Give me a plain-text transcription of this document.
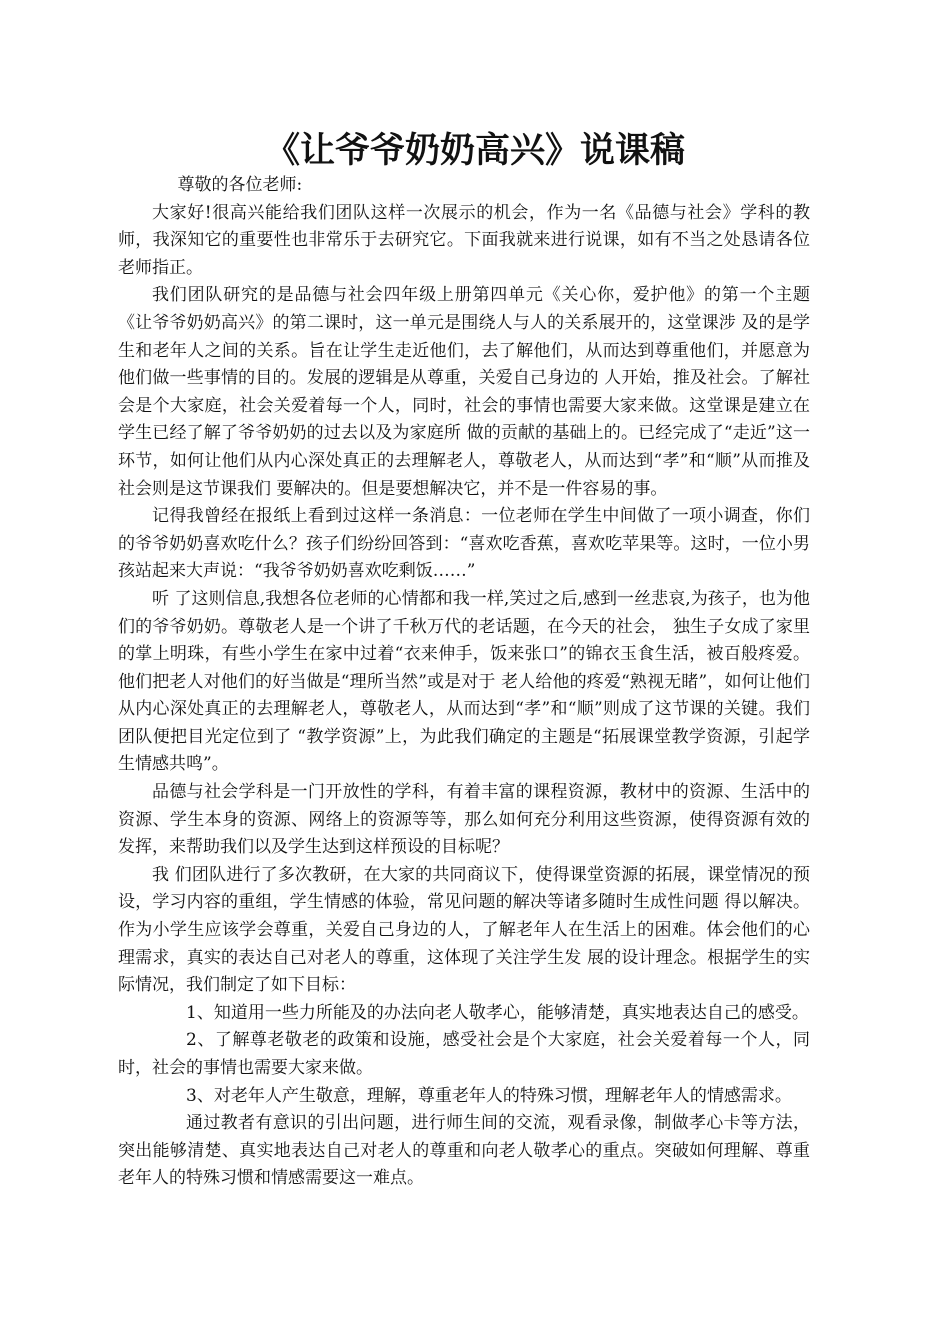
《让爷爷奶奶高兴》说课稿

尊敬的各位老师:

大家好!很高兴能给我们团队这样一次展示的机会，作为一名《品德与社会》学科的教师，我深知它的重要性也非常乐于去研究它。下面我就来进行说课，如有不当之处恳请各位老师指正。

我们团队研究的是品德与社会四年级上册第四单元《关心你，爱护他》的第一个主题《让爷爷奶奶高兴》的第二课时，这一单元是围绕人与人的关系展开的，这堂课涉 及的是学生和老年人之间的关系。旨在让学生走近他们，去了解他们，从而达到尊重他们，并愿意为他们做一些事情的目的。发展的逻辑是从尊重，关爱自己身边的 人开始，推及社会。了解社会是个大家庭，社会关爱着每一个人，同时，社会的事情也需要大家来做。这堂课是建立在学生已经了解了爷爷奶奶的过去以及为家庭所 做的贡献的基础上的。已经完成了“走近”这一环节，如何让他们从内心深处真正的去理解老人，尊敬老人，从而达到“孝”和“顺”从而推及社会则是这节课我们 要解决的。但是要想解决它，并不是一件容易的事。

记得我曾经在报纸上看到过这样一条消息：一位老师在学生中间做了一项小调查，你们的爷爷奶奶喜欢吃什么？孩子们纷纷回答到：“喜欢吃香蕉，喜欢吃苹果等。这时，一位小男孩站起来大声说：“我爷爷奶奶喜欢吃剩饭……”

听 了这则信息,我想各位老师的心情都和我一样,笑过之后,感到一丝悲哀,为孩子，也为他们的爷爷奶奶。尊敬老人是一个讲了千秋万代的老话题，在今天的社会， 独生子女成了家里的掌上明珠，有些小学生在家中过着“衣来伸手，饭来张口”的锦衣玉食生活，被百般疼爱。他们把老人对他们的好当做是“理所当然”或是对于 老人给他的疼爱“熟视无睹”，如何让他们从内心深处真正的去理解老人，尊敬老人，从而达到“孝”和“顺”则成了这节课的关键。我们团队便把目光定位到了 “教学资源”上，为此我们确定的主题是“拓展课堂教学资源，引起学生情感共鸣”。

品德与社会学科是一门开放性的学科，有着丰富的课程资源，教材中的资源、生活中的资源、学生本身的资源、网络上的资源等等，那么如何充分利用这些资源，使得资源有效的发挥，来帮助我们以及学生达到这样预设的目标呢？

我 们团队进行了多次教研，在大家的共同商议下，使得课堂资源的拓展，课堂情况的预设，学习内容的重组，学生情感的体验，常见问题的解决等诸多随时生成性问题 得以解决。作为小学生应该学会尊重，关爱自己身边的人，了解老年人在生活上的困难。体会他们的心理需求，真实的表达自己对老人的尊重，这体现了关注学生发 展的设计理念。根据学生的实际情况，我们制定了如下目标：

1、知道用一些力所能及的办法向老人敬孝心，能够清楚，真实地表达自己的感受。

2、了解尊老敬老的政策和设施，感受社会是个大家庭，社会关爱着每一个人，同时，社会的事情也需要大家来做。

3、对老年人产生敬意，理解，尊重老年人的特殊习惯，理解老年人的情感需求。

通过教者有意识的引出问题，进行师生间的交流，观看录像，制做孝心卡等方法，突出能够清楚、真实地表达自己对老人的尊重和向老人敬孝心的重点。突破如何理解、尊重老年人的特殊习惯和情感需要这一难点。
